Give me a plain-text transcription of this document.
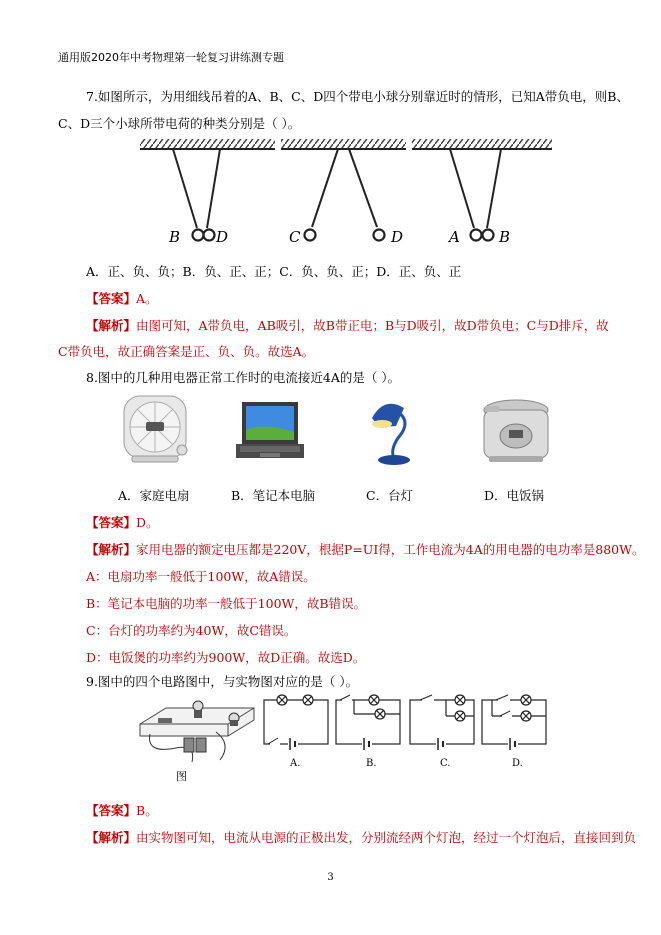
通用版2020年中考物理第一轮复习讲练测专题
7.如图所示，为用细线吊着的A、B、C、D四个带电小球分别靠近时的情形，已知A带负电，则B、
C、D三个小球所带电荷的种类分别是（ ）。
B D	C	D	A	B
A．正、负、负；B．负、正、正；C．负、负、正；D．正、负、正
【答案】A。
【解析】由图可知，A带负电，AB吸引，故B带正电；B与D吸引，故D带负电；C与D排斥，故
C带负电，故正确答案是正、负、负。故选A。
8.图中的几种用电器正常工作时的电流接近4A的是（ ）。
A．家庭电扇	B．笔记本电脑	C．台灯	D．电饭锅
【答案】D。
【解析】家用电器的额定电压都是220V，根据P=UI得，工作电流为4A的用电器的电功率是880W。
A：电扇功率一般低于100W，故A错误。
B：笔记本电脑的功率一般低于100W，故B错误。
C：台灯的功率约为40W，故C错误。
D：电饭煲的功率约为900W，故D正确。故选D。
9.图中的四个电路图中，与实物图对应的是（ ）。
图
A.	B.	C.	D.
【答案】B。
【解析】由实物图可知，电流从电源的正极出发，分别流经两个灯泡，经过一个灯泡后，直接回到负
3
